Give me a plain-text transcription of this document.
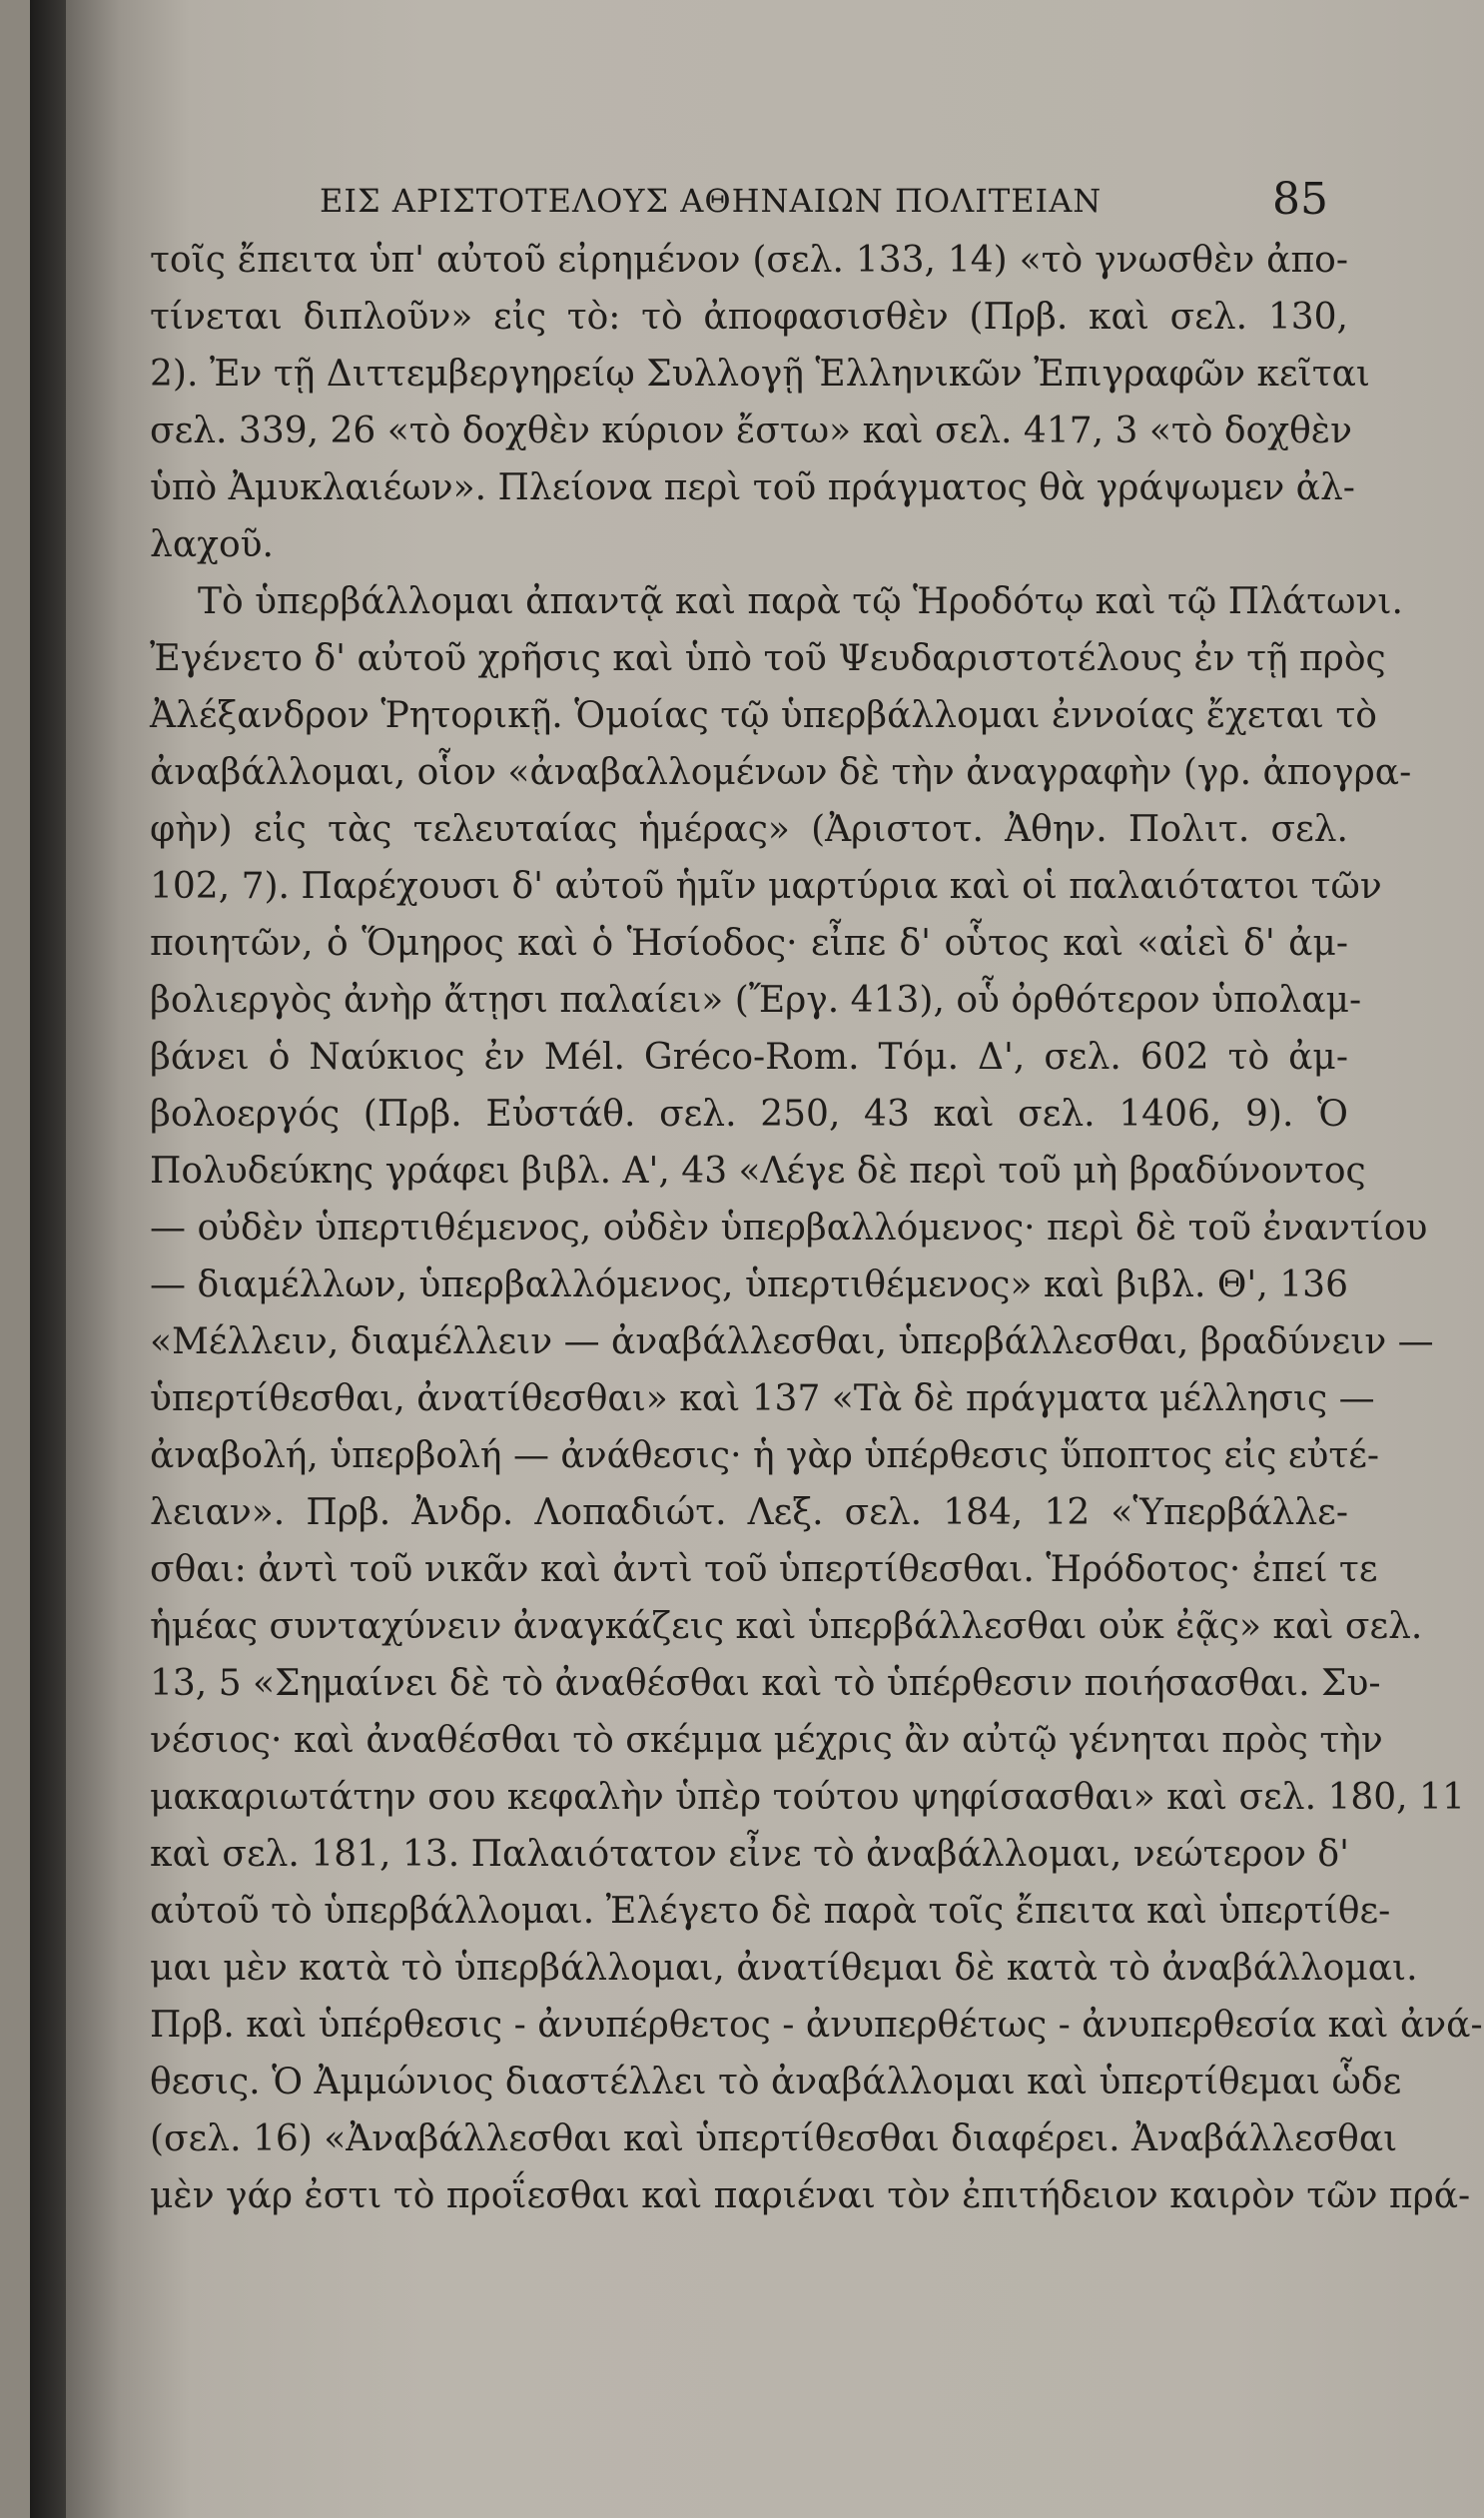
ΕΙΣ ΑΡΙΣΤΟΤΕΛΟΥΣ ΑΘΗΝΑΙΩΝ ΠΟΛΙΤΕΙΑΝ	85
τοῖς ἔπειτα ὑπ' αὐτοῦ εἰρημένον (σελ. 133, 14) «τὸ γνωσθὲν ἀπο-
τίνεται διπλοῦν» εἰς τὸ: τὸ ἀποφασισθὲν (Πρβ. καὶ σελ. 130,
2). Ἐν τῇ Διττεμβεργηρείῳ Συλλογῇ Ἑλληνικῶν Ἐπιγραφῶν κεῖται
σελ. 339, 26 «τὸ δοχθὲν κύριον ἔστω» καὶ σελ. 417, 3 «τὸ δοχθὲν
ὑπὸ Ἀμυκλαιέων». Πλείονα περὶ τοῦ πράγματος θὰ γράψωμεν ἀλ-
λαχοῦ.
Τὸ ὑπερβάλλομαι ἀπαντᾷ καὶ παρὰ τῷ Ἡροδότῳ καὶ τῷ Πλάτωνι.
Ἐγένετο δ' αὐτοῦ χρῆσις καὶ ὑπὸ τοῦ Ψευδαριστοτέλους ἐν τῇ πρὸς
Ἀλέξανδρον Ῥητορικῇ. Ὁμοίας τῷ ὑπερβάλλομαι ἐννοίας ἔχεται τὸ
ἀναβάλλομαι, οἷον «ἀναβαλλομένων δὲ τὴν ἀναγραφὴν (γρ. ἀπογρα-
φὴν) εἰς τὰς τελευταίας ἡμέρας» (Ἀριστοτ. Ἀθην. Πολιτ. σελ.
102, 7). Παρέχουσι δ' αὐτοῦ ἡμῖν μαρτύρια καὶ οἱ παλαιότατοι τῶν
ποιητῶν, ὁ Ὅμηρος καὶ ὁ Ἡσίοδος· εἶπε δ' οὗτος καὶ «αἰεὶ δ' ἀμ-
βολιεργὸς ἀνὴρ ἄτῃσι παλαίει» (Ἔργ. 413), οὗ ὀρθότερον ὑπολαμ-
βάνει ὁ Ναύκιος ἐν Mél. Gréco-Rom. Τόμ. Δ', σελ. 602 τὸ ἀμ-
βολοεργός (Πρβ. Εὐστάθ. σελ. 250, 43 καὶ σελ. 1406, 9). Ὁ
Πολυδεύκης γράφει βιβλ. Α', 43 «Λέγε δὲ περὶ τοῦ μὴ βραδύνοντος
— οὐδὲν ὑπερτιθέμενος, οὐδὲν ὑπερβαλλόμενος· περὶ δὲ τοῦ ἐναντίου
— διαμέλλων, ὑπερβαλλόμενος, ὑπερτιθέμενος» καὶ βιβλ. Θ', 136
«Μέλλειν, διαμέλλειν — ἀναβάλλεσθαι, ὑπερβάλλεσθαι, βραδύνειν —
ὑπερτίθεσθαι, ἀνατίθεσθαι» καὶ 137 «Τὰ δὲ πράγματα μέλλησις —
ἀναβολή, ὑπερβολή — ἀνάθεσις· ἡ γὰρ ὑπέρθεσις ὕποπτος εἰς εὐτέ-
λειαν». Πρβ. Ἀνδρ. Λοπαδιώτ. Λεξ. σελ. 184, 12 «Ὑπερβάλλε-
σθαι: ἀντὶ τοῦ νικᾶν καὶ ἀντὶ τοῦ ὑπερτίθεσθαι. Ἡρόδοτος· ἐπεί τε
ἡμέας συνταχύνειν ἀναγκάζεις καὶ ὑπερβάλλεσθαι οὐκ ἐᾷς» καὶ σελ.
13, 5 «Σημαίνει δὲ τὸ ἀναθέσθαι καὶ τὸ ὑπέρθεσιν ποιήσασθαι. Συ-
νέσιος· καὶ ἀναθέσθαι τὸ σκέμμα μέχρις ἂν αὐτῷ γένηται πρὸς τὴν
μακαριωτάτην σου κεφαλὴν ὑπὲρ τούτου ψηφίσασθαι» καὶ σελ. 180, 11
καὶ σελ. 181, 13. Παλαιότατον εἶνε τὸ ἀναβάλλομαι, νεώτερον δ'
αὐτοῦ τὸ ὑπερβάλλομαι. Ἐλέγετο δὲ παρὰ τοῖς ἔπειτα καὶ ὑπερτίθε-
μαι μὲν κατὰ τὸ ὑπερβάλλομαι, ἀνατίθεμαι δὲ κατὰ τὸ ἀναβάλλομαι.
Πρβ. καὶ ὑπέρθεσις - ἀνυπέρθετος - ἀνυπερθέτως - ἀνυπερθεσία καὶ ἀνά-
θεσις. Ὁ Ἀμμώνιος διαστέλλει τὸ ἀναβάλλομαι καὶ ὑπερτίθεμαι ὧδε
(σελ. 16) «Ἀναβάλλεσθαι καὶ ὑπερτίθεσθαι διαφέρει. Ἀναβάλλεσθαι
μὲν γάρ ἐστι τὸ προΐεσθαι καὶ παριέναι τὸν ἐπιτήδειον καιρὸν τῶν πρά-
